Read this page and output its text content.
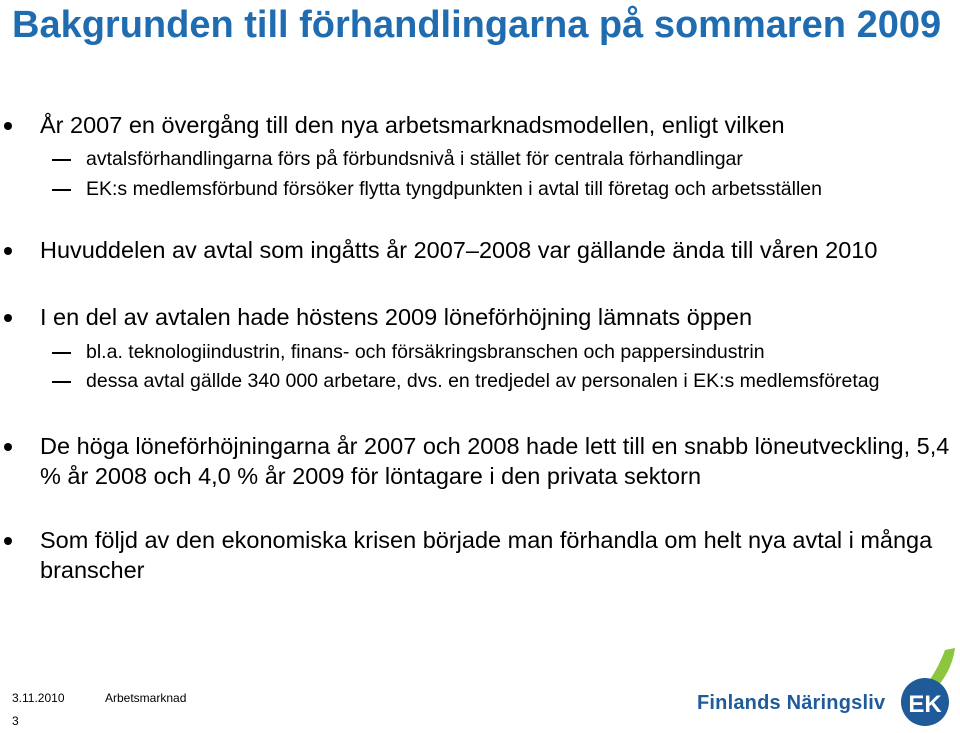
Bakgrunden till förhandlingarna på sommaren 2009
År 2007 en övergång till den nya arbetsmarknadsmodellen, enligt vilken
avtalsförhandlingarna förs på förbundsnivå i stället för centrala förhandlingar
EK:s medlemsförbund försöker flytta tyngdpunkten i avtal till företag och arbetsställen
Huvuddelen av avtal som ingåtts år 2007–2008 var gällande ända till våren 2010
I en del av avtalen hade höstens 2009 löneförhöjning lämnats öppen
bl.a. teknologiindustrin, finans- och försäkringsbranschen och pappersindustrin
dessa avtal gällde 340 000 arbetare, dvs. en tredjedel av personalen i EK:s medlemsföretag
De höga löneförhöjningarna år 2007 och 2008 hade lett till en snabb löneutveckling, 5,4 % år 2008 och 4,0 % år 2009 för löntagare i den privata sektorn
Som följd av den ekonomiska krisen började man förhandla om helt nya avtal i många branscher
3.11.2010	Arbetsmarknad
3
Finlands Näringsliv EK
